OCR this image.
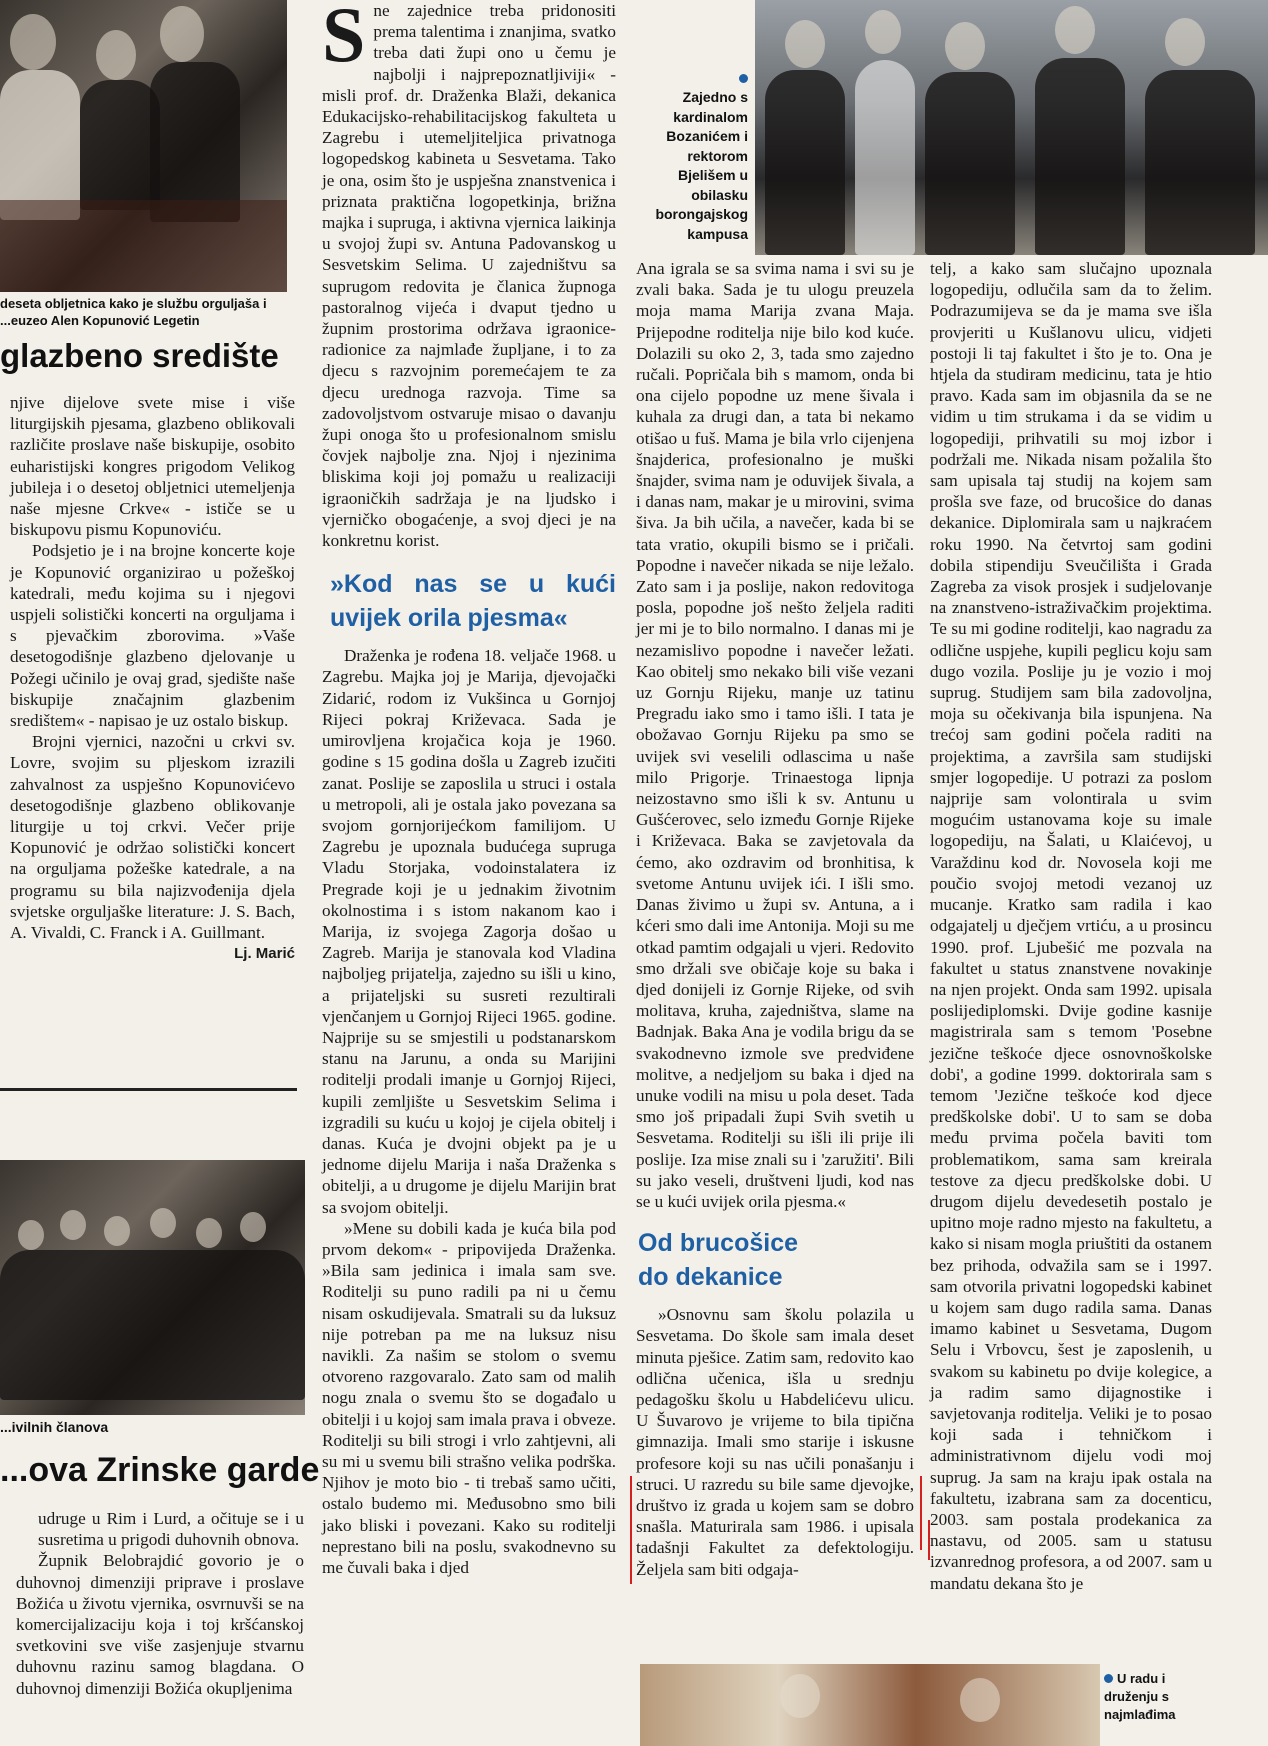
deseta obljetnica kako je službu orguljaša i ...euzeo Alen Kopunović Legetin
glazbeno središte

njive dijelove svete mise i više liturgijskih pjesama, glazbeno oblikovali različite proslave naše biskupije, osobito euharistijski kongres prigodom Velikog jubileja i o desetoj obljetnici utemeljenja naše mjesne Crkve« - ističe se u biskupovu pismu Kopunoviću.

Podsjetio je i na brojne koncerte koje je Kopunović organizirao u požeškoj katedrali, među kojima su i njegovi uspjeli solistički koncerti na orguljama i s pjevačkim zborovima. »Vaše desetogodišnje glazbeno djelovanje u Požegi učinilo je ovaj grad, sjedište naše biskupije značajnim glazbenim središtem« - napisao je uz ostalo biskup.

Brojni vjernici, nazočni u crkvi sv. Lovre, svojim su pljeskom izrazili zahvalnost za uspješno Kopunovićevo desetogodišnje glazbeno oblikovanje liturgije u toj crkvi. Večer prije Kopunović je održao solistički koncert na orguljama požeške katedrale, a na programu su bila najizvođenija djela svjetske orguljaške literature: J. S. Bach, A. Vivaldi, C. Franck i A. Guillmant.

Lj. Marić
...ivilnih članova
...ova Zrinske garde

udruge u Rim i Lurd, a očituje se i u susretima u prigodi duhovnih obnova.

Župnik Belobrajdić govorio je o duhovnoj dimenziji priprave i proslave Božića u životu vjernika, osvrnuvši se na komercijalizaciju koja i toj kršćanskoj svetkovini sve više zasjenjuje stvarnu duhovnu razinu samog blagdana. O duhovnoj dimenziji Božića okupljenima

Sne zajednice treba pridonositi prema talentima i znanjima, svatko treba dati župi ono u čemu je najbolji i najprepoznatljiviji« - misli prof. dr. Draženka Blaži, dekanica Edukacijsko-rehabilitacijskog fakulteta u Zagrebu i utemeljiteljica privatnoga logopedskog kabineta u Sesvetama. Tako je ona, osim što je uspješna znanstvenica i priznata praktična logopetkinja, brižna majka i supruga, i aktivna vjernica laikinja u svojoj župi sv. Antuna Padovanskog u Sesvetskim Selima. U zajedništvu sa suprugom redovita je članica župnoga pastoralnog vijeća i dvaput tjedno u župnim prostorima održava igraonice-radionice za najmlađe župljane, i to za djecu s razvojnim poremećajem te za djecu urednoga razvoja. Time sa zadovoljstvom ostvaruje misao o davanju župi onoga što u profesionalnom smislu čovjek najbolje zna. Njoj i njezinima bliskima koji joj pomažu u realizaciji igraoničkih sadržaja je na ljudsko i vjerničko obogaćenje, a svoj djeci je na konkretnu korist.

»Kod nas se u kući uvijek orila pjesma«

Draženka je rođena 18. veljače 1968. u Zagrebu. Majka joj je Marija, djevojački Zidarić, rodom iz Vukšinca u Gornjoj Rijeci pokraj Križevaca. Sada je umirovljena krojačica koja je 1960. godine s 15 godina došla u Zagreb izučiti zanat. Poslije se zaposlila u struci i ostala u metropoli, ali je ostala jako povezana sa svojom gornjorijećkom familijom. U Zagrebu je upoznala budućega supruga Vladu Storjaka, vodoinstalatera iz Pregrade koji je u jednakim životnim okolnostima i s istom nakanom kao i Marija, iz svojega Zagorja došao u Zagreb. Marija je stanovala kod Vladina najboljeg prijatelja, zajedno su išli u kino, a prijateljski su susreti rezultirali vjenčanjem u Gornjoj Rijeci 1965. godine. Najprije su se smjestili u podstanarskom stanu na Jarunu, a onda su Marijini roditelji prodali imanje u Gornjoj Rijeci, kupili zemljište u Sesvetskim Selima i izgradili su kuću u kojoj je cijela obitelj i danas. Kuća je dvojni objekt pa je u jednome dijelu Marija i naša Draženka s obitelji, a u drugome je dijelu Marijin brat sa svojom obitelji.

»Mene su dobili kada je kuća bila pod prvom dekom« - pripovijeda Draženka. »Bila sam jedinica i imala sam sve. Roditelji su puno radili pa ni u čemu nisam oskudijevala. Smatrali su da luksuz nije potreban pa me na luksuz nisu navikli. Za našim se stolom o svemu otvoreno razgovaralo. Zato sam od malih nogu znala o svemu što se događalo u obitelji i u kojoj sam imala prava i obveze. Roditelji su bili strogi i vrlo zahtjevni, ali su mi u svemu bili strašno velika podrška. Njihov je moto bio - ti trebaš samo učiti, ostalo budemo mi. Međusobno smo bili jako bliski i povezani. Kako su roditelji neprestano bili na poslu, svakodnevno su me čuvali baka i djed

Zajedno s kardinalom Bozanićem i rektorom Bjelišem u obilasku borongajskog kampusa

Ana igrala se sa svima nama i svi su je zvali baka. Sada je tu ulogu preuzela moja mama Marija zvana Maja. Prijepodne roditelja nije bilo kod kuće. Dolazili su oko 2, 3, tada smo zajedno ručali. Popričala bih s mamom, onda bi ona cijelo popodne uz mene šivala i kuhala za drugi dan, a tata bi nekamo otišao u fuš. Mama je bila vrlo cijenjena šnajderica, profesionalno je muški šnajder, svima nam je oduvijek šivala, a i danas nam, makar je u mirovini, svima šiva. Ja bih učila, a navečer, kada bi se tata vratio, okupili bismo se i pričali. Popodne i navečer nikada se nije ležalo. Zato sam i ja poslije, nakon redovitoga posla, popodne još nešto željela raditi jer mi je to bilo normalno. I danas mi je nezamislivo popodne i navečer ležati. Kao obitelj smo nekako bili više vezani uz Gornju Rijeku, manje uz tatinu Pregradu iako smo i tamo išli. I tata je obožavao Gornju Rijeku pa smo se uvijek svi veselili odlascima u naše milo Prigorje. Trinaestoga lipnja neizostavno smo išli k sv. Antunu u Gušćerovec, selo između Gornje Rijeke i Križevaca. Baka se zavjetovala da ćemo, ako ozdravim od bronhitisa, k svetome Antunu uvijek ići. I išli smo. Danas živimo u župi sv. Antuna, a i kćeri smo dali ime Antonija. Moji su me otkad pamtim odgajali u vjeri. Redovito smo držali sve običaje koje su baka i djed donijeli iz Gornje Rijeke, od svih molitava, kruha, zajedništva, slame na Badnjak. Baka Ana je vodila brigu da se svakodnevno izmole sve predviđene molitve, a nedjeljom su baka i djed na unuke vodili na misu u pola deset. Tada smo još pripadali župi Svih svetih u Sesvetama. Roditelji su išli ili prije ili poslije. Iza mise znali su i 'zaružiti'. Bili su jako veseli, društveni ljudi, kod nas se u kući uvijek orila pjesma.«

Od brucošice do dekanice

»Osnovnu sam školu polazila u Sesvetama. Do škole sam imala deset minuta pješice. Zatim sam, redovito kao odlična učenica, išla u srednju pedagošku školu u Habdelićevu ulicu. U Šuvarovo je vrijeme to bila tipična gimnazija. Imali smo starije i iskusne profesore koji su nas učili ponašanju i struci. U razredu su bile same djevojke, društvo iz grada u kojem sam se dobro snašla. Maturirala sam 1986. i upisala tadašnji Fakultet za defektologiju. Željela sam biti odgaja-

telj, a kako sam slučajno upoznala logopediju, odlučila sam da to želim. Podrazumijeva se da je mama sve išla provjeriti u Kušlanovu ulicu, vidjeti postoji li taj fakultet i što je to. Ona je htjela da studiram medicinu, tata je htio pravo. Kada sam im objasnila da se ne vidim u tim strukama i da se vidim u logopediji, prihvatili su moj izbor i podržali me. Nikada nisam požalila što sam upisala taj studij na kojem sam prošla sve faze, od brucošice do danas dekanice. Diplomirala sam u najkraćem roku 1990. Na četvrtoj sam godini dobila stipendiju Sveučilišta i Grada Zagreba za visok prosjek i sudjelovanje na znanstveno-istraživačkim projektima. Te su mi godine roditelji, kao nagradu za odlične uspjehe, kupili peglicu koju sam dugo vozila. Poslije ju je vozio i moj suprug. Studijem sam bila zadovoljna, moja su očekivanja bila ispunjena. Na trećoj sam godini počela raditi na projektima, a završila sam studijski smjer logopedije. U potrazi za poslom najprije sam volontirala u svim mogućim ustanovama koje su imale logopediju, na Šalati, u Klaićevoj, u Varaždinu kod dr. Novosela koji me poučio svojoj metodi vezanoj uz mucanje. Kratko sam radila i kao odgajatelj u dječjem vrtiću, a u prosincu 1990. prof. Ljubešić me pozvala na fakultet u status znanstvene novakinje na njen projekt. Onda sam 1992. upisala poslijediplomski. Dvije godine kasnije magistrirala sam s temom 'Posebne jezične teškoće djece osnovnoškolske dobi', a godine 1999. doktorirala sam s temom 'Jezične teškoće kod djece predškolske dobi'. U to sam se doba među prvima počela baviti tom problematikom, sama sam kreirala testove za djecu predškolske dobi. U drugom dijelu devedesetih postalo je upitno moje radno mjesto na fakultetu, a kako si nisam mogla priuštiti da ostanem bez prihoda, odvažila sam se i 1997. sam otvorila privatni logopedski kabinet u kojem sam dugo radila sama. Danas imamo kabinet u Sesvetama, Dugom Selu i Vrbovcu, šest je zaposlenih, u svakom su kabinetu po dvije kolegice, a ja radim samo dijagnostike i savjetovanja roditelja. Veliki je to posao koji sada i tehničkom i administrativnom dijelu vodi moj suprug. Ja sam na kraju ipak ostala na fakultetu, izabrana sam za docenticu, 2003. sam postala prodekanica za nastavu, od 2005. sam u statusu izvanrednog profesora, a od 2007. sam u mandatu dekana što je

U radu i druženju s najmlađima
